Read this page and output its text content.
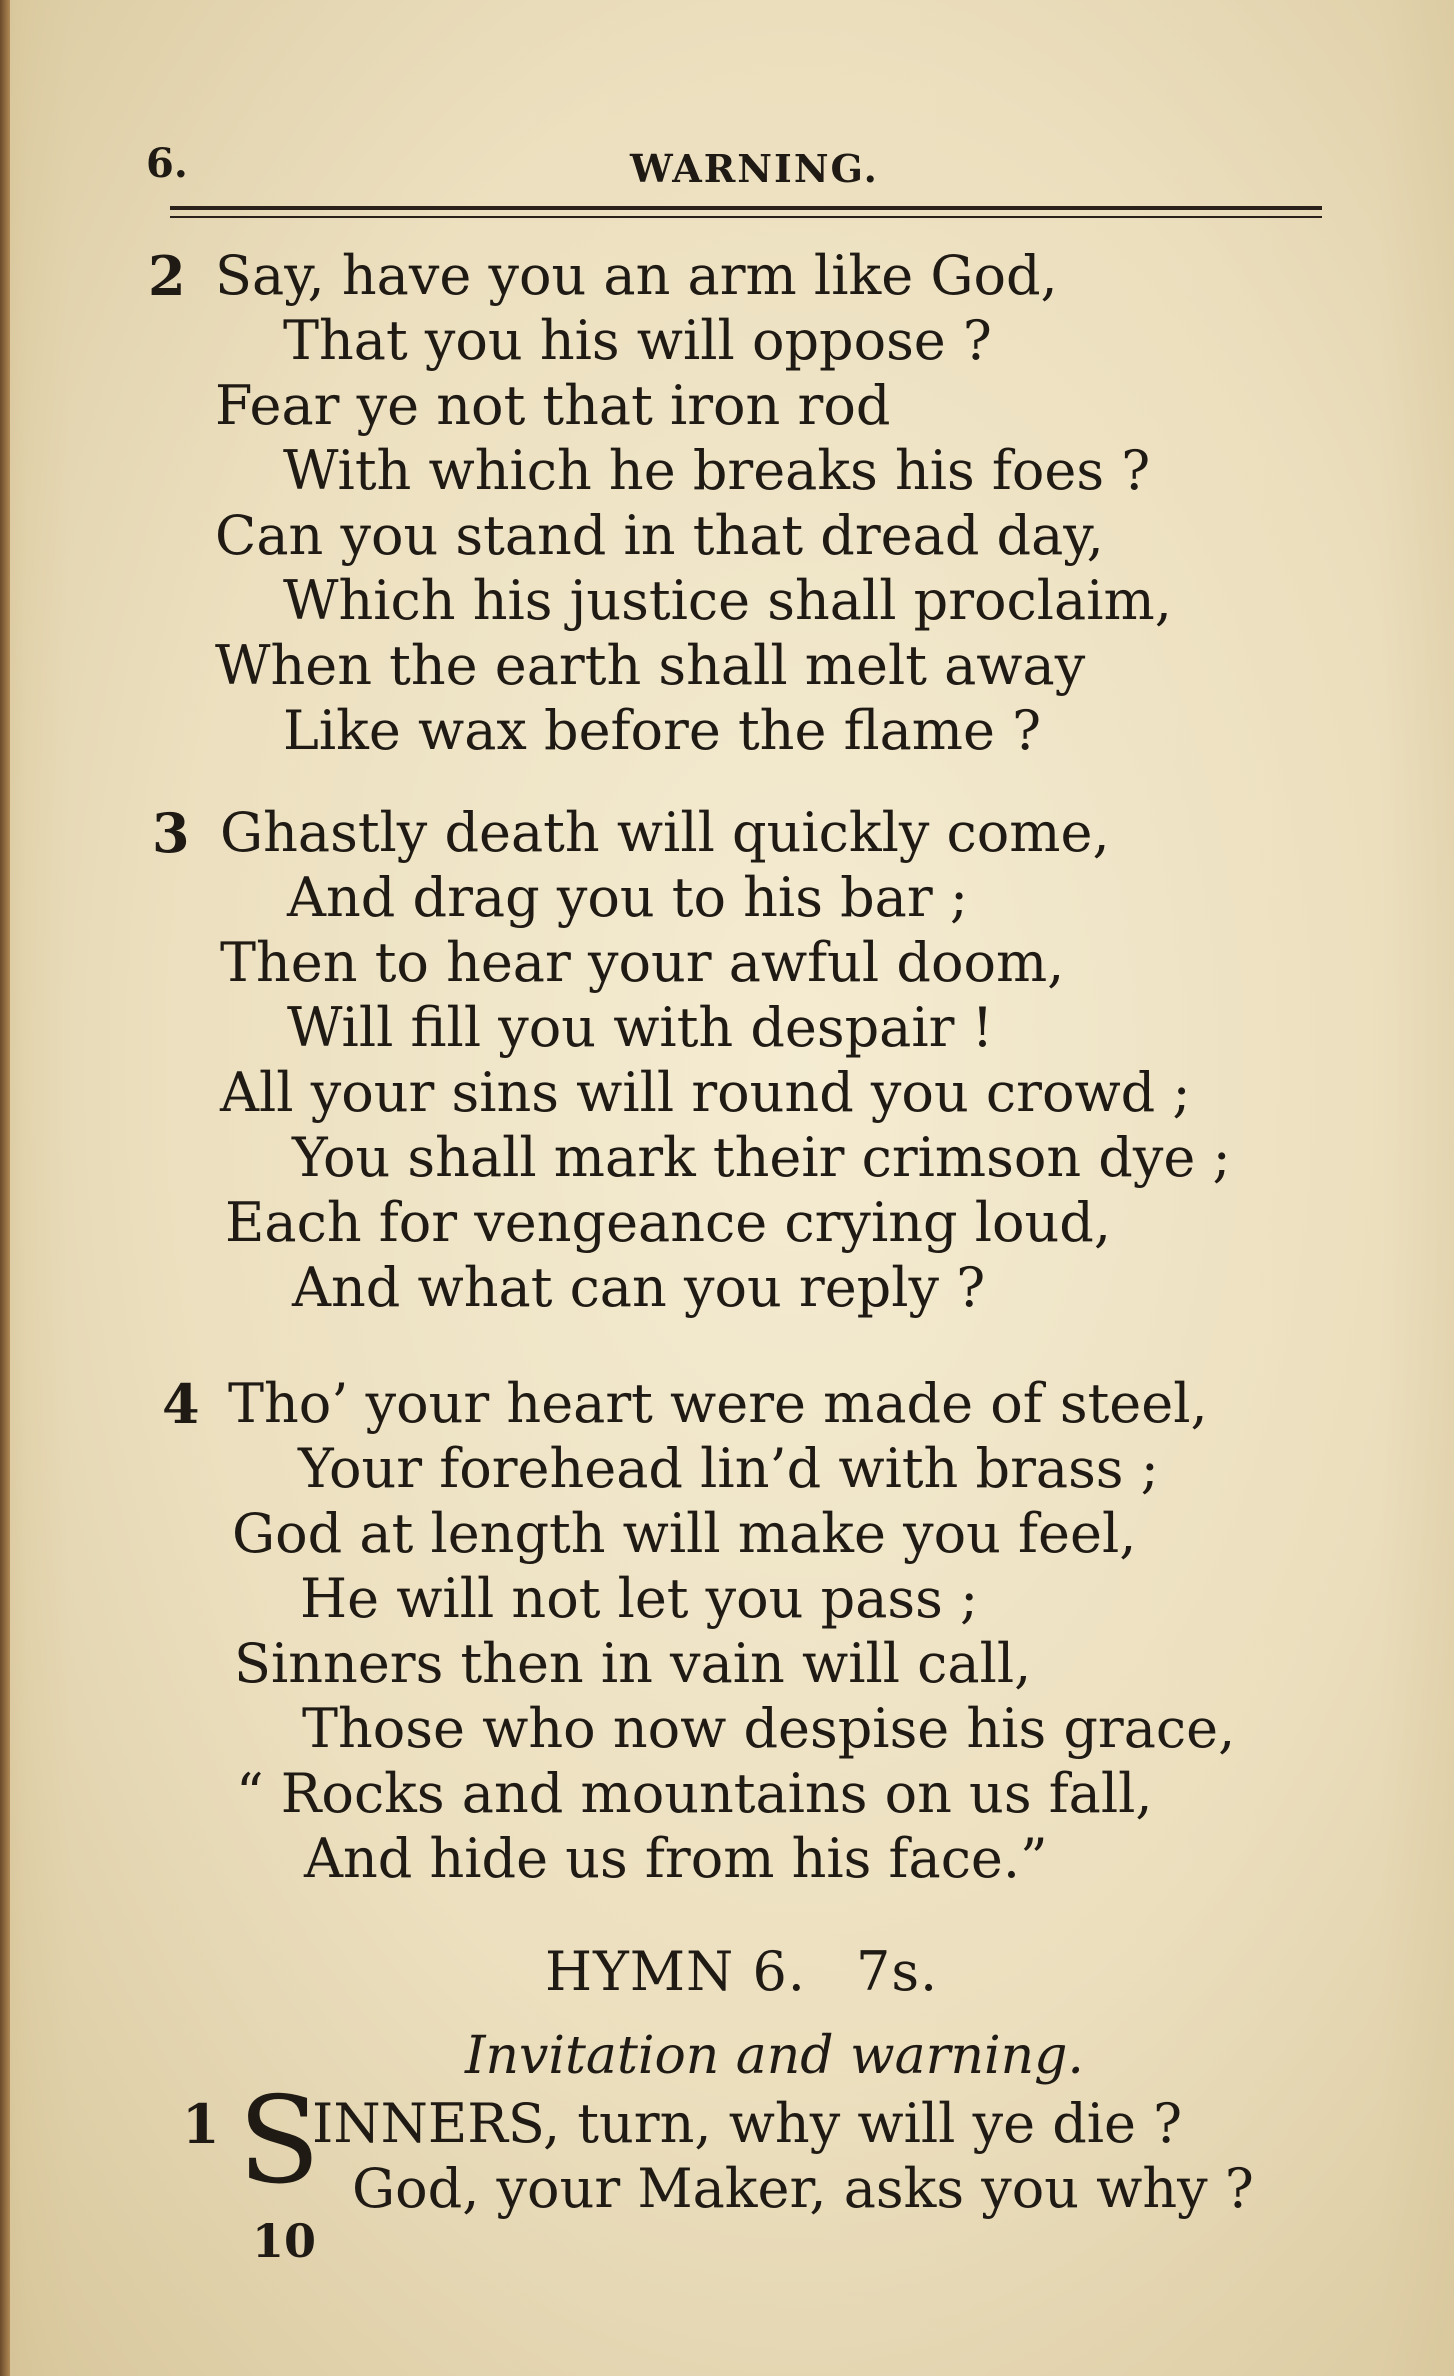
6.	WARNING.
2 Say, have you an arm like God,
That you his will oppose ?
Fear ye not that iron rod
With which he breaks his foes ?
Can you stand in that dread day,
Which his justice shall proclaim,
When the earth shall melt away
Like wax before the flame ?
3 Ghastly death will quickly come,
And drag you to his bar ;
Then to hear your awful doom,
Will fill you with despair !
All your sins will round you crowd ;
You shall mark their crimson dye ;
Each for vengeance crying loud,
And what can you reply ?
4 Tho’ your heart were made of steel,
Your forehead lin’d with brass ;
God at length will make you feel,
He will not let you pass ;
Sinners then in vain will call,
Those who now despise his grace,
“ Rocks and mountains on us fall,
And hide us from his face.”
HYMN 6. 7s.
Invitation and warning.
1 S
INNERS, turn, why will ye die ?
God, your Maker, asks you why ?
10
